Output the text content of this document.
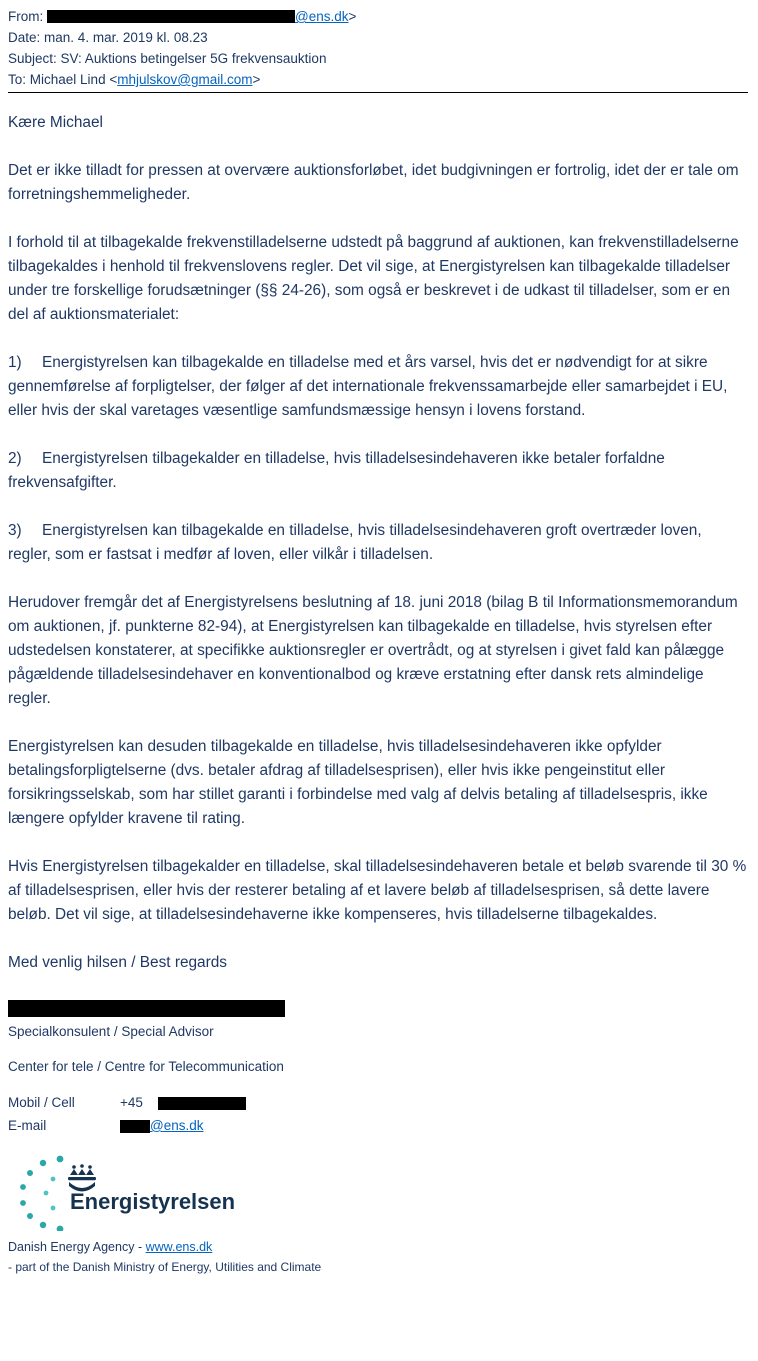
From:	@ens.dk>
Date: man. 4. mar. 2019 kl. 08.23
Subject: SV: Auktions betingelser 5G frekvensauktion
To: Michael Lind <mhjulskov@gmail.com>

Kære Michael

Det er ikke tilladt for pressen at overvære auktionsforløbet, idet budgivningen er fortrolig, idet der er tale om forretningshemmeligheder.

I forhold til at tilbagekalde frekvenstilladelserne udstedt på baggrund af auktionen, kan frekvenstilladelserne tilbagekaldes i henhold til frekvenslovens regler. Det vil sige, at Energistyrelsen kan tilbagekalde tilladelser under tre forskellige forudsætninger (§§ 24-26), som også er beskrevet i de udkast til tilladelser, som er en del af auktionsmaterialet:

1) Energistyrelsen kan tilbagekalde en tilladelse med et års varsel, hvis det er nødvendigt for at sikre gennemførelse af forpligtelser, der følger af det internationale frekvenssamarbejde eller samarbejdet i EU, eller hvis der skal varetages væsentlige samfundsmæssige hensyn i lovens forstand.

2) Energistyrelsen tilbagekalder en tilladelse, hvis tilladelsesindehaveren ikke betaler forfaldne frekvensafgifter.

3) Energistyrelsen kan tilbagekalde en tilladelse, hvis tilladelsesindehaveren groft overtræder loven, regler, som er fastsat i medfør af loven, eller vilkår i tilladelsen.

Herudover fremgår det af Energistyrelsens beslutning af 18. juni 2018 (bilag B til Informationsmemorandum om auktionen, jf. punkterne 82-94), at Energistyrelsen kan tilbagekalde en tilladelse, hvis styrelsen efter udstedelsen konstaterer, at specifikke auktionsregler er overtrådt, og at styrelsen i givet fald kan pålægge pågældende tilladelsesindehaver en konventionalbod og kræve erstatning efter dansk rets almindelige regler.

Energistyrelsen kan desuden tilbagekalde en tilladelse, hvis tilladelsesindehaveren ikke opfylder betalingsforpligtelserne (dvs. betaler afdrag af tilladelsesprisen), eller hvis ikke pengeinstitut eller forsikringsselskab, som har stillet garanti i forbindelse med valg af delvis betaling af tilladelsespris, ikke længere opfylder kravene til rating.

Hvis Energistyrelsen tilbagekalder en tilladelse, skal tilladelsesindehaveren betale et beløb svarende til 30 % af tilladelsesprisen, eller hvis der resterer betaling af et lavere beløb af tilladelsesprisen, så dette lavere beløb. Det vil sige, at tilladelsesindehaverne ikke kompenseres, hvis tilladelserne tilbagekaldes.

Med venlig hilsen / Best regards

Specialkonsulent / Special Advisor
Center for tele / Centre for Telecommunication
Mobil / Cell	+45
E-mail	@ens.dk
Energistyrelsen
Danish Energy Agency - www.ens.dk
- part of the Danish Ministry of Energy, Utilities and Climate
